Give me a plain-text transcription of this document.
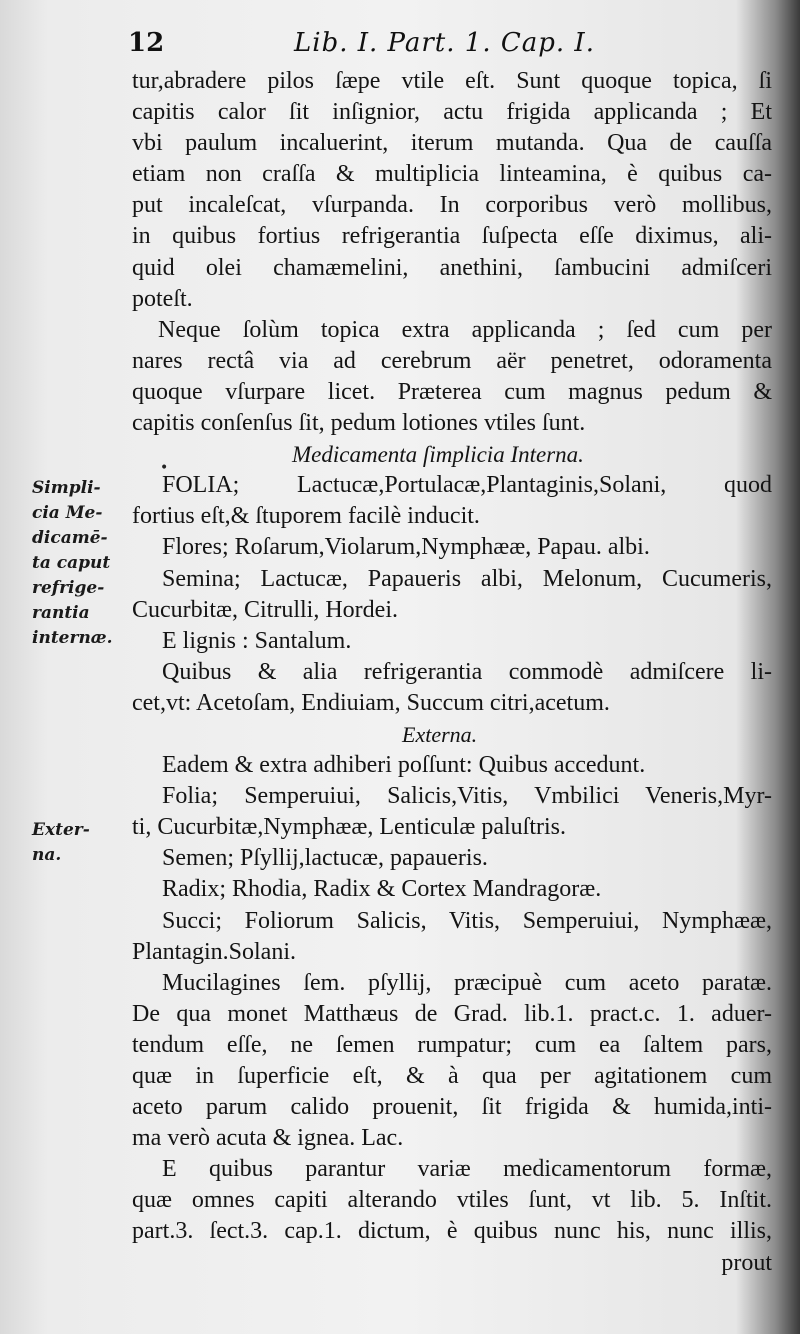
12	Lib. I. Part. 1. Cap. I.
Simpli-
cia Me-
dicamē-
ta caput
refrige-
rantia
internæ.
Exter-
na.
•
tur,abradere pilos ſæpe vtile eſt. Sunt quoque topica, ſi
capitis calor ſit inſignior, actu frigida applicanda ; Et
vbi paulum incaluerint, iterum mutanda. Qua de cauſſa
etiam non craſſa & multiplicia linteamina, è quibus ca-
put incaleſcat, vſurpanda. In corporibus verò mollibus,
in quibus fortius refrigerantia ſuſpecta eſſe diximus, ali-
quid olei chamæmelini, anethini, ſambucini admiſceri
poteſt.
Neque ſolùm topica extra applicanda ; ſed cum per
nares rectâ via ad cerebrum aër penetret, odoramenta
quoque vſurpare licet. Præterea cum magnus pedum &
capitis conſenſus ſit, pedum lotiones vtiles ſunt.
Medicamenta ſimplicia Interna.
FOLIA; Lactucæ,Portulacæ,Plantaginis,Solani, quod
fortius eſt,& ſtuporem facilè inducit.
Flores; Roſarum,Violarum,Nymphææ, Papau. albi.
Semina; Lactucæ, Papaueris albi, Melonum, Cucumeris,
Cucurbitæ, Citrulli, Hordei.
E lignis : Santalum.
Quibus & alia refrigerantia commodè admiſcere li-
cet,vt: Acetoſam, Endiuiam, Succum citri,acetum.
Externa.
Eadem & extra adhiberi poſſunt: Quibus accedunt.
Folia; Semperuiui, Salicis,Vitis, Vmbilici Veneris,Myr-
ti, Cucurbitæ,Nymphææ, Lenticulæ paluſtris.
Semen; Pſyllij,lactucæ, papaueris.
Radix; Rhodia, Radix & Cortex Mandragoræ.
Succi; Foliorum Salicis, Vitis, Semperuiui, Nymphææ,
Plantagin.Solani.
Mucilagines ſem. pſyllij, præcipuè cum aceto paratæ.
De qua monet Matthæus de Grad. lib.1. pract.c. 1. aduer-
tendum eſſe, ne ſemen rumpatur; cum ea ſaltem pars,
quæ in ſuperficie eſt, & à qua per agitationem cum
aceto parum calido prouenit, ſit frigida & humida,inti-
ma verò acuta & ignea. Lac.
E quibus parantur variæ medicamentorum formæ,
quæ omnes capiti alterando vtiles ſunt, vt lib. 5. Inſtit.
part.3. ſect.3. cap.1. dictum, è quibus nunc his, nunc illis,
prout
